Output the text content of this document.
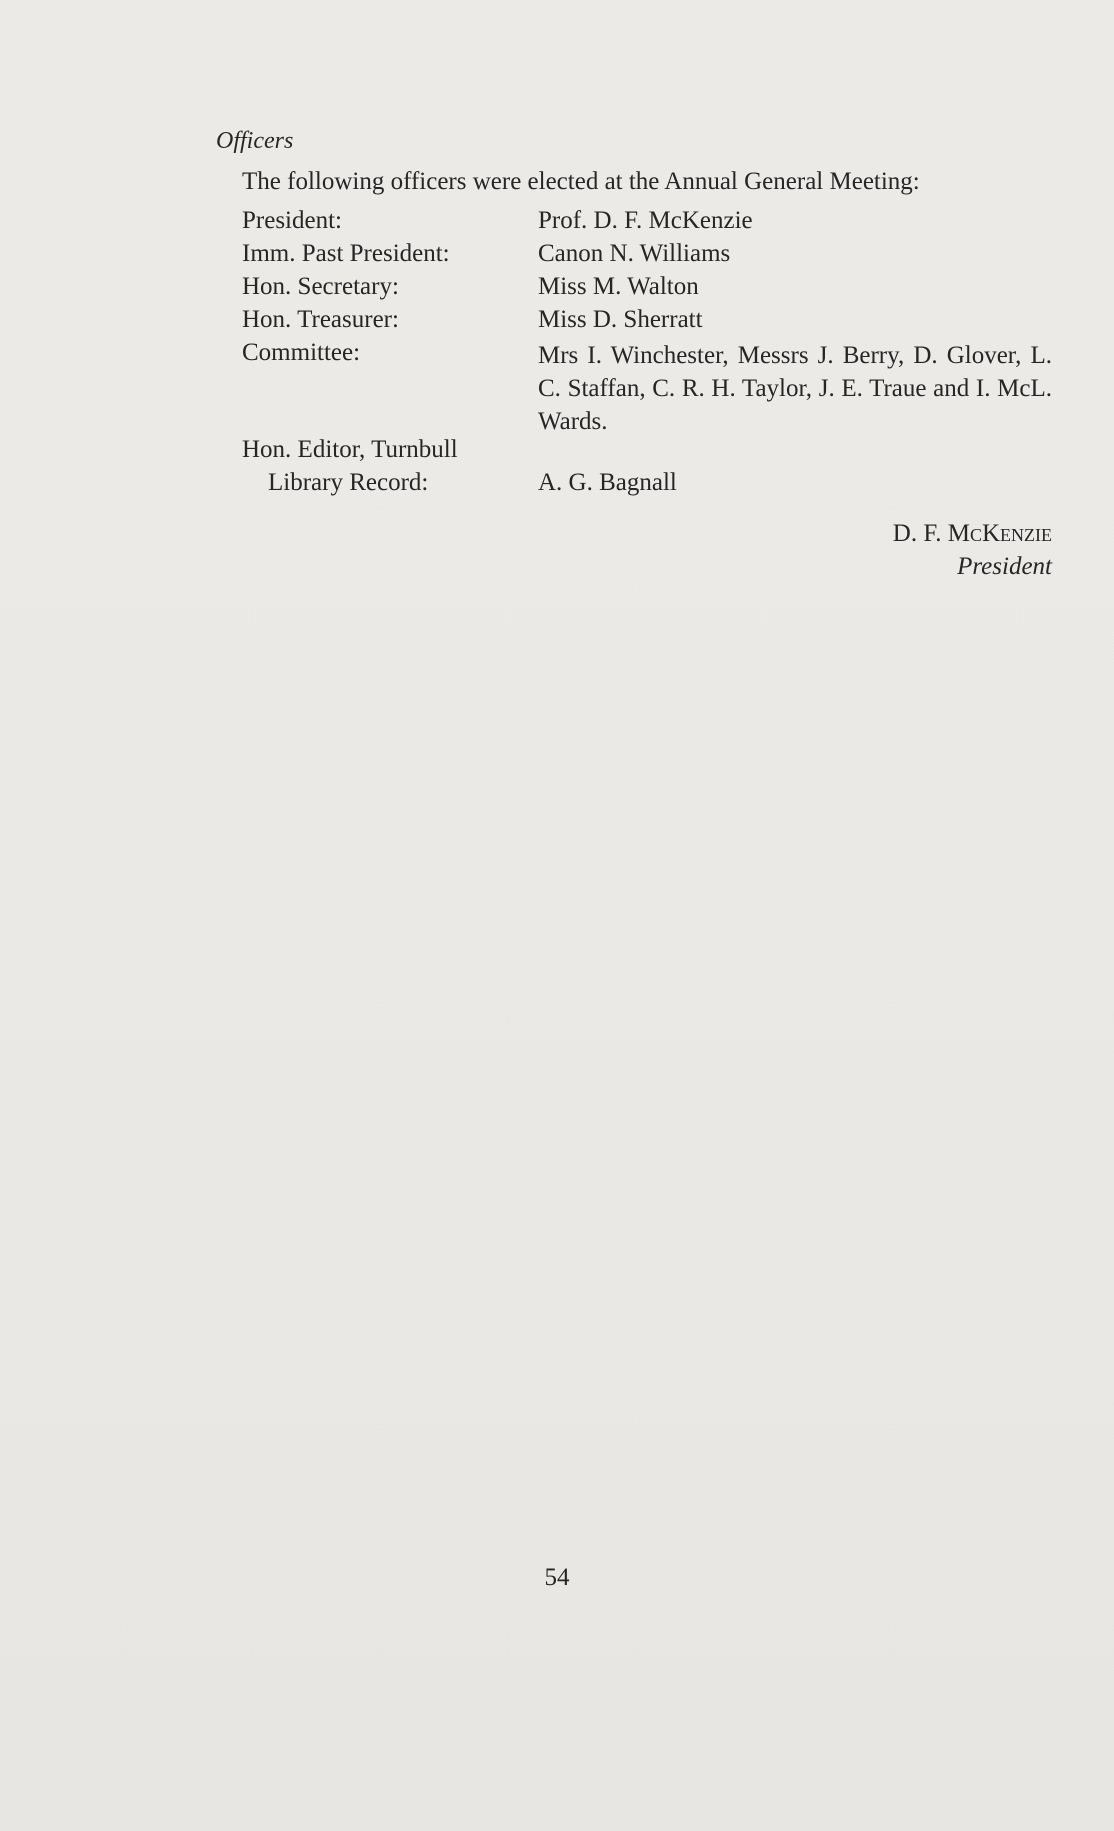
Officers
The following officers were elected at the Annual General Meeting:
President:	Prof. D. F. McKenzie
Imm. Past President:	Canon N. Williams
Hon. Secretary:	Miss M. Walton
Hon. Treasurer:	Miss D. Sherratt
Committee:	Mrs I. Winchester, Messrs J. Berry, D. Glover, L. C. Staffan, C. R. H. Taylor, J. E. Traue and I. McL. Wards.
Hon. Editor, Turnbull
Library Record:	A. G. Bagnall
D. F. McKenzie
President
54
